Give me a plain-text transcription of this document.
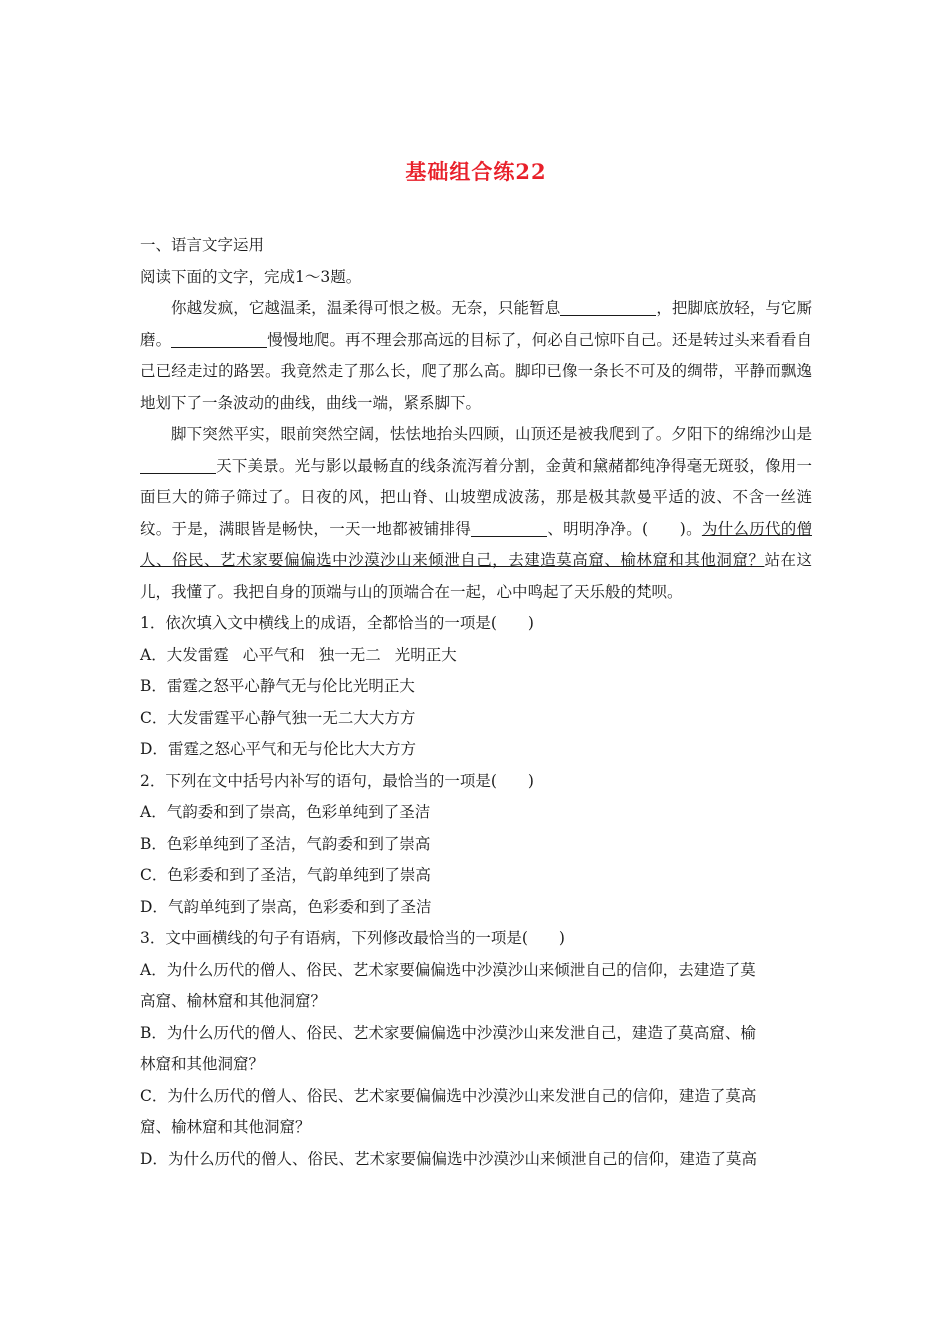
基础组合练22
一、语言文字运用
阅读下面的文字，完成1～3题。
你越发疯，它越温柔，温柔得可恨之极。无奈，只能暂息	，把脚底放轻，与它厮磨。	慢慢地爬。再不理会那高远的目标了，何必自己惊吓自己。还是转过头来看看自己已经走过的路罢。我竟然走了那么长，爬了那么高。脚印已像一条长不可及的绸带，平静而飘逸地划下了一条波动的曲线，曲线一端，紧系脚下。
脚下突然平实，眼前突然空阔，怯怯地抬头四顾，山顶还是被我爬到了。夕阳下的绵绵沙山是天下美景。光与影以最畅直的线条流泻着分割，金黄和黛赭都纯净得毫无斑驳，像用一面巨大的筛子筛过了。日夜的风，把山脊、山坡塑成波荡，那是极其款曼平适的波、不含一丝涟纹。于是，满眼皆是畅快，一天一地都被铺排得	、明明净净。(　　)。为什么历代的僧人、俗民、艺术家要偏偏选中沙漠沙山来倾泄自己，去建造莫高窟、榆林窟和其他洞窟？站在这儿，我懂了。我把自身的顶端与山的顶端合在一起，心中鸣起了天乐般的梵呗。
1．依次填入文中横线上的成语，全都恰当的一项是(　　)
A．大发雷霆 心平气和 独一无二 光明正大
B．雷霆之怒平心静气无与伦比光明正大
C．大发雷霆平心静气独一无二大大方方
D．雷霆之怒心平气和无与伦比大大方方
2．下列在文中括号内补写的语句，最恰当的一项是(　　)
A．气韵委和到了崇高，色彩单纯到了圣洁
B．色彩单纯到了圣洁，气韵委和到了崇高
C．色彩委和到了圣洁，气韵单纯到了崇高
D．气韵单纯到了崇高，色彩委和到了圣洁
3．文中画横线的句子有语病，下列修改最恰当的一项是(　　)
A．为什么历代的僧人、俗民、艺术家要偏偏选中沙漠沙山来倾泄自己的信仰，去建造了莫
高窟、榆林窟和其他洞窟？
B．为什么历代的僧人、俗民、艺术家要偏偏选中沙漠沙山来发泄自己，建造了莫高窟、榆
林窟和其他洞窟？
C．为什么历代的僧人、俗民、艺术家要偏偏选中沙漠沙山来发泄自己的信仰，建造了莫高
窟、榆林窟和其他洞窟？
D．为什么历代的僧人、俗民、艺术家要偏偏选中沙漠沙山来倾泄自己的信仰，建造了莫高
